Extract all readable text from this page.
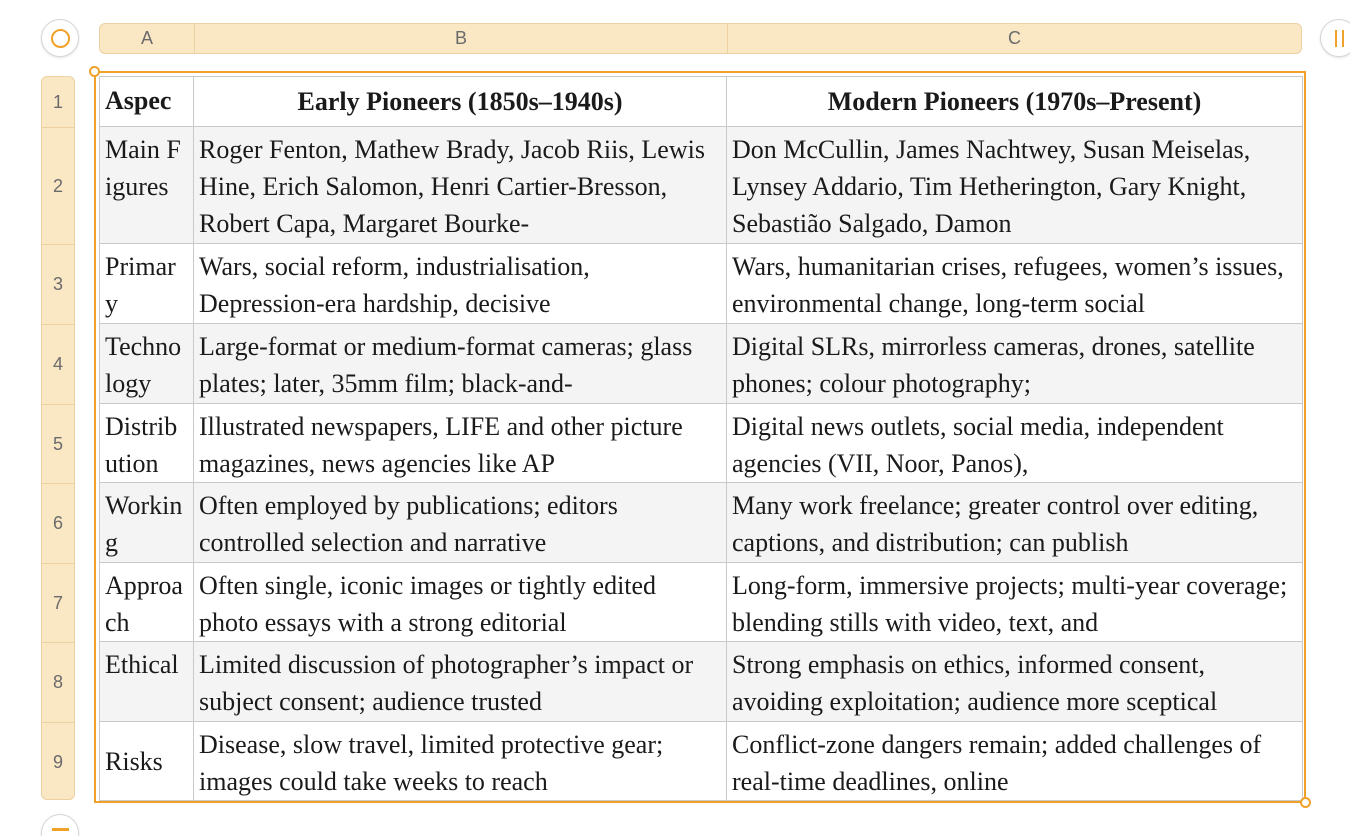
A	B	C
1
2
3
4
5
6
7
8
9
Aspec	Early Pioneers (1850s–1940s)	Modern Pioneers (1970s–Present)

Main Figures	Roger Fenton, Mathew Brady, Jacob Riis, Lewis Hine, Erich Salomon, Henri Cartier-Bresson, Robert Capa, Margaret Bourke-	Don McCullin, James Nachtwey, Susan Meiselas, Lynsey Addario, Tim Hetherington, Gary Knight, Sebastião Salgado, Damon

Primary	Wars, social reform, industrialisation, Depression-era hardship, decisive	Wars, humanitarian crises, refugees, women’s issues, environmental change, long-term social

Technology	Large-format or medium-format cameras; glass plates; later, 35mm film; black-and-	Digital SLRs, mirrorless cameras, drones, satellite phones; colour photography;

Distribution	Illustrated newspapers, LIFE and other picture magazines, news agencies like AP	Digital news outlets, social media, independent agencies (VII, Noor, Panos),

Working	Often employed by publications; editors controlled selection and narrative	Many work freelance; greater control over editing, captions, and distribution; can publish

Approach	Often single, iconic images or tightly edited photo essays with a strong editorial	Long-form, immersive projects; multi-year coverage; blending stills with video, text, and

Ethical	Limited discussion of photographer’s impact or subject consent; audience trusted	Strong emphasis on ethics, informed consent, avoiding exploitation; audience more sceptical

Risks	Disease, slow travel, limited protective gear; images could take weeks to reach	Conflict-zone dangers remain; added challenges of real-time deadlines, online
